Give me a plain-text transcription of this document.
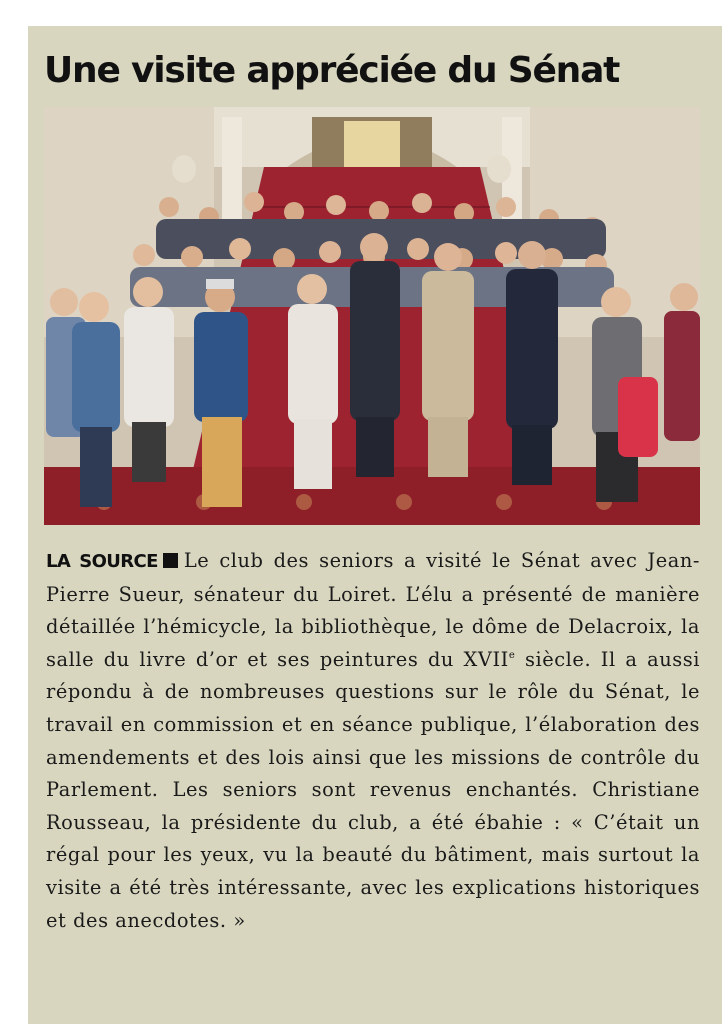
Une visite appréciée du Sénat

LA SOURCE Le club des seniors a visité le Sénat avec Jean-Pierre Sueur, sénateur du Loiret. L’élu a présenté de manière détaillée l’hémicycle, la bibliothèque, le dôme de Delacroix, la salle du livre d’or et ses peintures du XVIIe siècle. Il a aussi répondu à de nombreuses questions sur le rôle du Sénat, le travail en commission et en séance publique, l’élaboration des amendements et des lois ainsi que les missions de contrôle du Parlement. Les seniors sont revenus enchantés. Christiane Rousseau, la présidente du club, a été ébahie : « C’était un régal pour les yeux, vu la beauté du bâtiment, mais surtout la visite a été très intéressante, avec les explications historiques et des anecdotes. »
